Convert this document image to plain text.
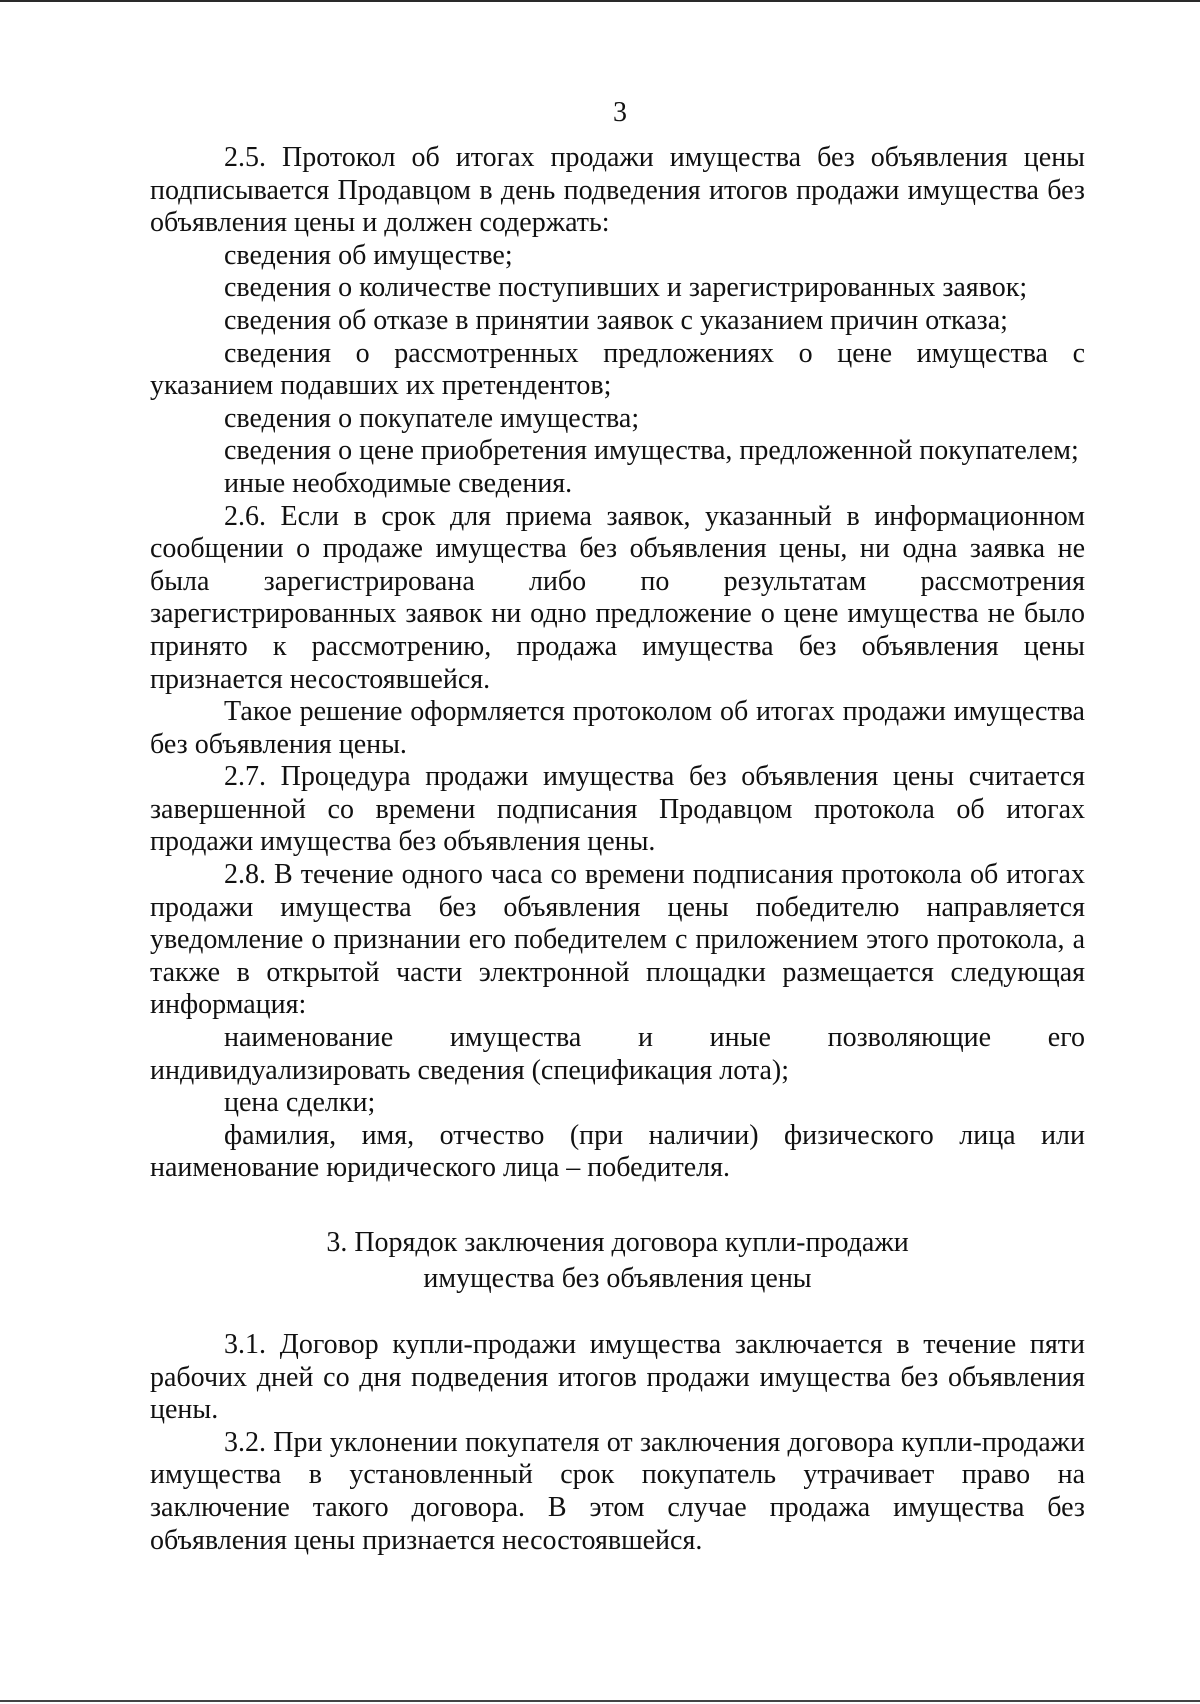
3

2.5. Протокол об итогах продажи имущества без объявления цены подписывается Продавцом в день подведения итогов продажи имущества без объявления цены и должен содержать:

сведения об имуществе;

сведения о количестве поступивших и зарегистрированных заявок;

сведения об отказе в принятии заявок с указанием причин отказа;

сведения о рассмотренных предложениях о цене имущества с указанием подавших их претендентов;

сведения о покупателе имущества;

сведения о цене приобретения имущества, предложенной покупателем;

иные необходимые сведения.

2.6. Если в срок для приема заявок, указанный в информационном сообщении о продаже имущества без объявления цены, ни одна заявка не была зарегистрирована либо по результатам рассмотрения зарегистрированных заявок ни одно предложение о цене имущества не было принято к рассмотрению, продажа имущества без объявления цены признается несостоявшейся.

Такое решение оформляется протоколом об итогах продажи имущества без объявления цены.

2.7. Процедура продажи имущества без объявления цены считается завершенной со времени подписания Продавцом протокола об итогах продажи имущества без объявления цены.

2.8. В течение одного часа со времени подписания протокола об итогах продажи имущества без объявления цены победителю направляется уведомление о признании его победителем с приложением этого протокола, а также в открытой части электронной площадки размещается следующая информация:

наименование имущества и иные позволяющие его индивидуализировать сведения (спецификация лота);

цена сделки;

фамилия, имя, отчество (при наличии) физического лица или наименование юридического лица – победителя.

3. Порядок заключения договора купли-продажи

имущества без объявления цены

3.1. Договор купли-продажи имущества заключается в течение пяти рабочих дней со дня подведения итогов продажи имущества без объявления цены.

3.2. При уклонении покупателя от заключения договора купли-продажи имущества в установленный срок покупатель утрачивает право на заключение такого договора. В этом случае продажа имущества без объявления цены признается несостоявшейся.
